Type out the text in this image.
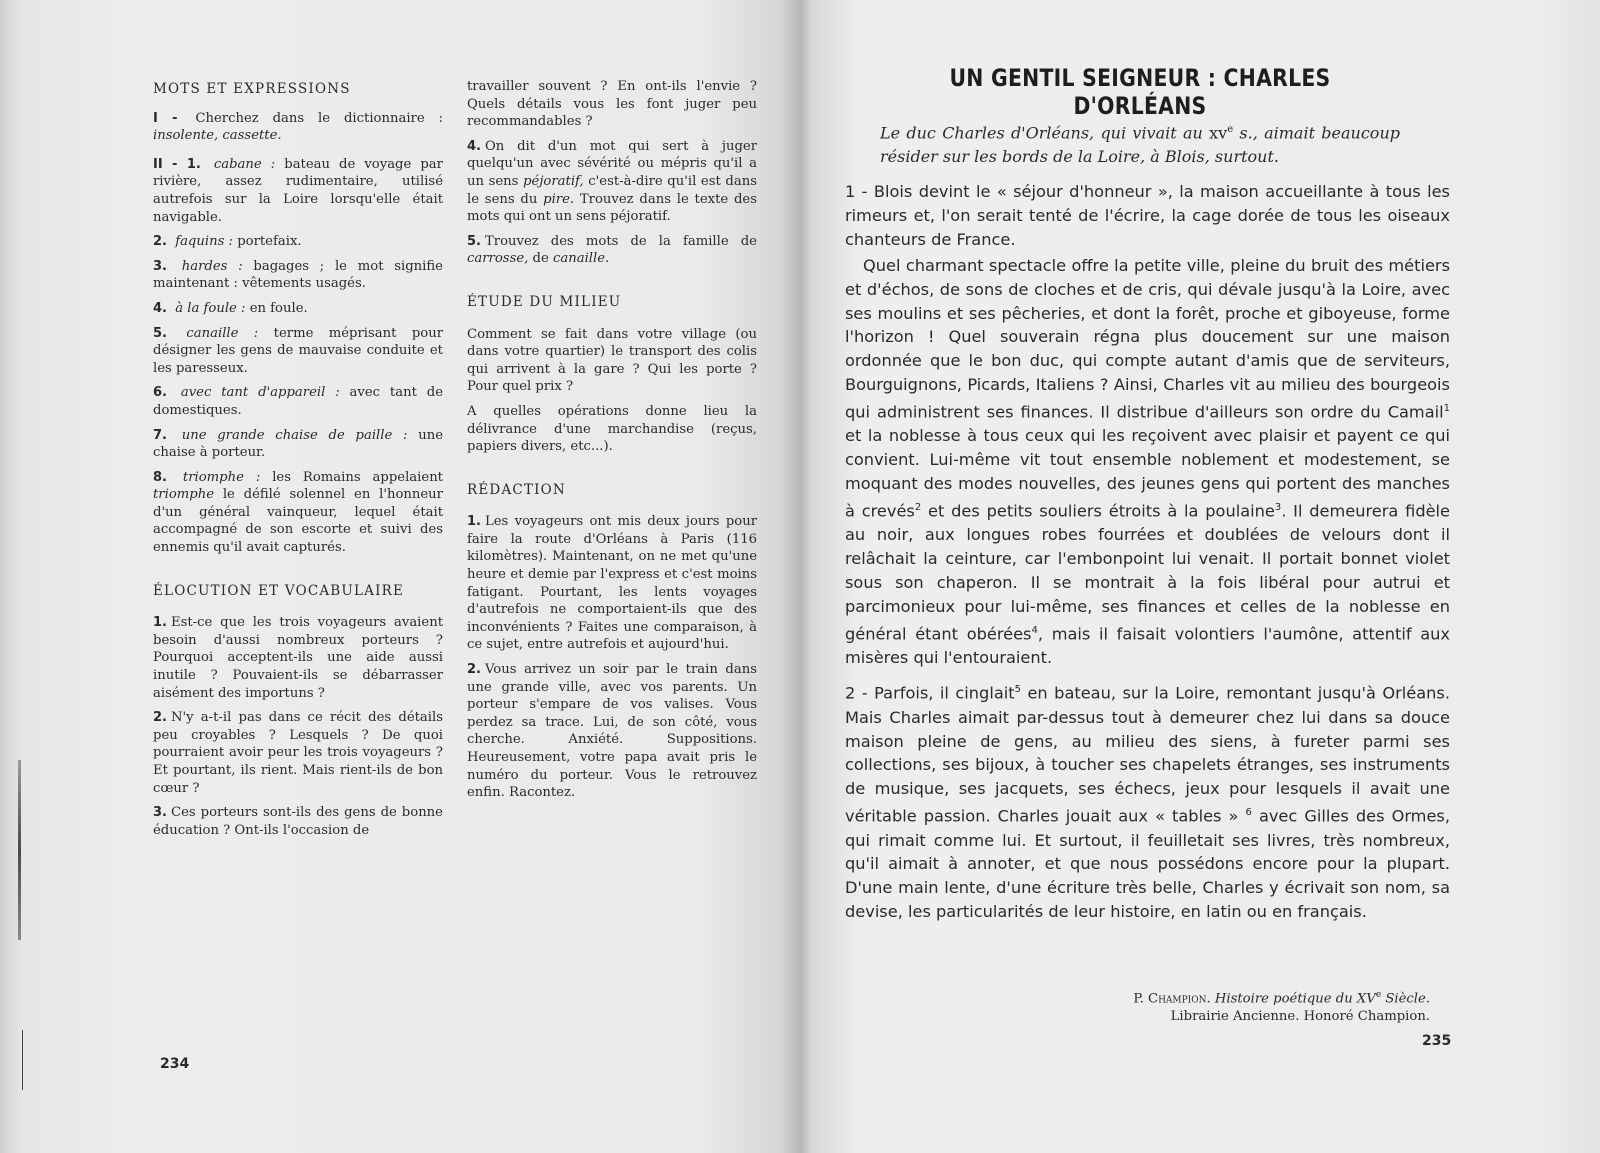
MOTS ET EXPRESSIONS

I - Cherchez dans le dictionnaire : insolente, cassette.

II - 1. cabane : bateau de voyage par rivière, assez rudimentaire, utilisé autrefois sur la Loire lorsqu'elle était navigable.

2. faquins : portefaix.

3. hardes : bagages ; le mot signifie maintenant : vêtements usagés.

4. à la foule : en foule.

5. canaille : terme méprisant pour désigner les gens de mauvaise conduite et les paresseux.

6. avec tant d'appareil : avec tant de domestiques.

7. une grande chaise de paille : une chaise à porteur.

8. triomphe : les Romains appelaient triomphe le défilé solennel en l'honneur d'un général vainqueur, lequel était accompagné de son escorte et suivi des ennemis qu'il avait capturés.

ÉLOCUTION ET VOCABULAIRE

1. Est-ce que les trois voyageurs avaient besoin d'aussi nombreux porteurs ? Pourquoi acceptent-ils une aide aussi inutile ? Pouvaient-ils se débarrasser aisément des importuns ?

2. N'y a-t-il pas dans ce récit des détails peu croyables ? Lesquels ? De quoi pourraient avoir peur les trois voyageurs ? Et pourtant, ils rient. Mais rient-ils de bon cœur ?

3. Ces porteurs sont-ils des gens de bonne éducation ? Ont-ils l'occasion de

travailler souvent ? En ont-ils l'envie ? Quels détails vous les font juger peu recommandables ?

4. On dit d'un mot qui sert à juger quelqu'un avec sévérité ou mépris qu'il a un sens péjoratif, c'est-à-dire qu'il est dans le sens du pire. Trouvez dans le texte des mots qui ont un sens péjoratif.

5. Trouvez des mots de la famille de carrosse, de canaille.

ÉTUDE DU MILIEU

Comment se fait dans votre village (ou dans votre quartier) le transport des colis qui arrivent à la gare ? Qui les porte ? Pour quel prix ?

A quelles opérations donne lieu la délivrance d'une marchandise (reçus, papiers divers, etc...).

RÉDACTION

1. Les voyageurs ont mis deux jours pour faire la route d'Orléans à Paris (116 kilomètres). Maintenant, on ne met qu'une heure et demie par l'express et c'est moins fatigant. Pourtant, les lents voyages d'autrefois ne comportaient-ils que des inconvénients ? Faites une comparaison, à ce sujet, entre autrefois et aujourd'hui.

2. Vous arrivez un soir par le train dans une grande ville, avec vos parents. Un porteur s'empare de vos valises. Vous perdez sa trace. Lui, de son côté, vous cherche. Anxiété. Suppositions. Heureusement, votre papa avait pris le numéro du porteur. Vous le retrouvez enfin. Racontez.

234
UN GENTIL SEIGNEUR : CHARLES D'ORLÉANS

Le duc Charles d'Orléans, qui vivait au $xv^e$ s., aimait beaucoup résider sur les bords de la Loire, à Blois, surtout.

1 - Blois devint le « séjour d'honneur », la maison accueillante à tous les rimeurs et, l'on serait tenté de l'écrire, la cage dorée de tous les oiseaux chanteurs de France.

Quel charmant spectacle offre la petite ville, pleine du bruit des métiers et d'échos, de sons de cloches et de cris, qui dévale jusqu'à la Loire, avec ses moulins et ses pêcheries, et dont la forêt, proche et giboyeuse, forme l'horizon ! Quel souverain régna plus doucement sur une maison ordonnée que le bon duc, qui compte autant d'amis que de serviteurs, Bourguignons, Picards, Italiens ? Ainsi, Charles vit au milieu des bourgeois qui administrent ses finances. Il distribue d'ailleurs son ordre du Camail$^1$ et la noblesse à tous ceux qui les reçoivent avec plaisir et payent ce qui convient. Lui-même vit tout ensemble noblement et modestement, se moquant des modes nouvelles, des jeunes gens qui portent des manches à crevés$^2$ et des petits souliers étroits à la poulaine$^3$. Il demeurera fidèle au noir, aux longues robes fourrées et doublées de velours dont il relâchait la ceinture, car l'embonpoint lui venait. Il portait bonnet violet sous son chaperon. Il se montrait à la fois libéral pour autrui et parcimonieux pour lui-même, ses finances et celles de la noblesse en général étant obérées$^4$, mais il faisait volontiers l'aumône, attentif aux misères qui l'entouraient.

2 - Parfois, il cinglait$^5$ en bateau, sur la Loire, remontant jusqu'à Orléans. Mais Charles aimait par-dessus tout à demeurer chez lui dans sa douce maison pleine de gens, au milieu des siens, à fureter parmi ses collections, ses bijoux, à toucher ses chapelets étranges, ses instruments de musique, ses jacquets, ses échecs, jeux pour lesquels il avait une véritable passion. Charles jouait aux « tables » $^6$ avec Gilles des Ormes, qui rimait comme lui. Et surtout, il feuilletait ses livres, très nombreux, qu'il aimait à annoter, et que nous possédons encore pour la plupart. D'une main lente, d'une écriture très belle, Charles y écrivait son nom, sa devise, les particularités de leur histoire, en latin ou en français.

P. Champion. Histoire poétique du XVe Siècle.
Librairie Ancienne. Honoré Champion.
235
